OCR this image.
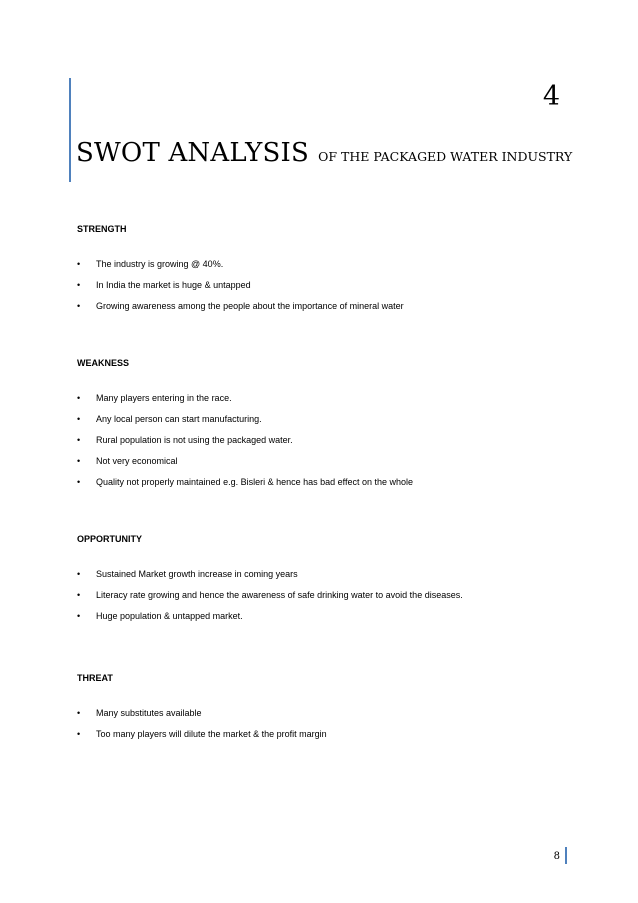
4
SWOT ANALYSIS OF THE PACKAGED WATER INDUSTRY

STRENGTH

• The industry is growing @ 40%.
• In India the market is huge & untapped
• Growing awareness among the people about the importance of mineral water

WEAKNESS

• Many players entering in the race.
• Any local person can start manufacturing.
• Rural population is not using the packaged water.
• Not very economical
• Quality not properly maintained e.g. Bisleri & hence has bad effect on the whole

OPPORTUNITY

• Sustained Market growth increase in coming years
• Literacy rate growing and hence the awareness of safe drinking water to avoid the diseases.
• Huge population & untapped market.

THREAT

• Many substitutes available
• Too many players will dilute the market & the profit margin
8
